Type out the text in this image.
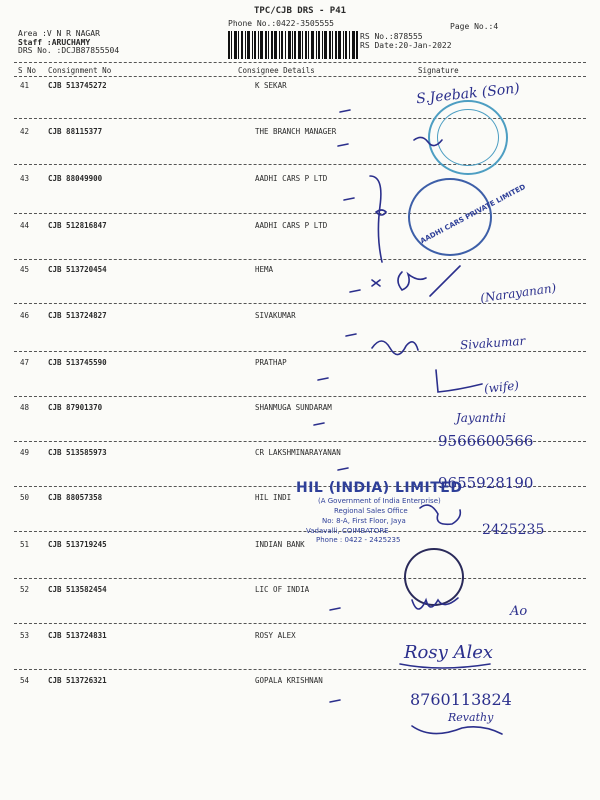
TPC/CJB DRS - P41
Phone No.:0422-3505555
Area :V N R NAGAR
Staff :ARUCHAMY
DRS No. :DCJB87855504
Page No.:4
RS No.:878555
RS Date:20-Jan-2022
S No Consignment No	Consignee Details	Signature
41	CJB 513745272	K SEKAR
42	CJB 88115377	THE BRANCH MANAGER
43	CJB 88049900	AADHI CARS P LTD
44	CJB 512816847	AADHI CARS P LTD
45	CJB 513720454	HEMA
46	CJB 513724827	SIVAKUMAR
47	CJB 513745590	PRATHAP
48	CJB 87901370	SHANMUGA SUNDARAM
49	CJB 513585973	CR LAKSHMINARAYANAN
50	CJB 88057358	HIL INDI
51	CJB 513719245	INDIAN BANK
52	CJB 513582454	LIC OF INDIA
53	CJB 513724831	ROSY ALEX
54	CJB 513726321	GOPALA KRISHNAN
AADHI CARS PRIVATE LIMITED
HIL (INDIA) LIMITED
(A Government of India Enterprise)
Regional Sales Office
No: 8-A, First Floor, Jaya
Vadavalli, COIMBATORE
Phone : 0422 - 2425235
S.Jeebak (Son)
(Narayanan)
Sivakumar
(wife)
Jayanthi
9566600566
9655928190
2425235
Ao
Rosy Alex
8760113824
Revathy
